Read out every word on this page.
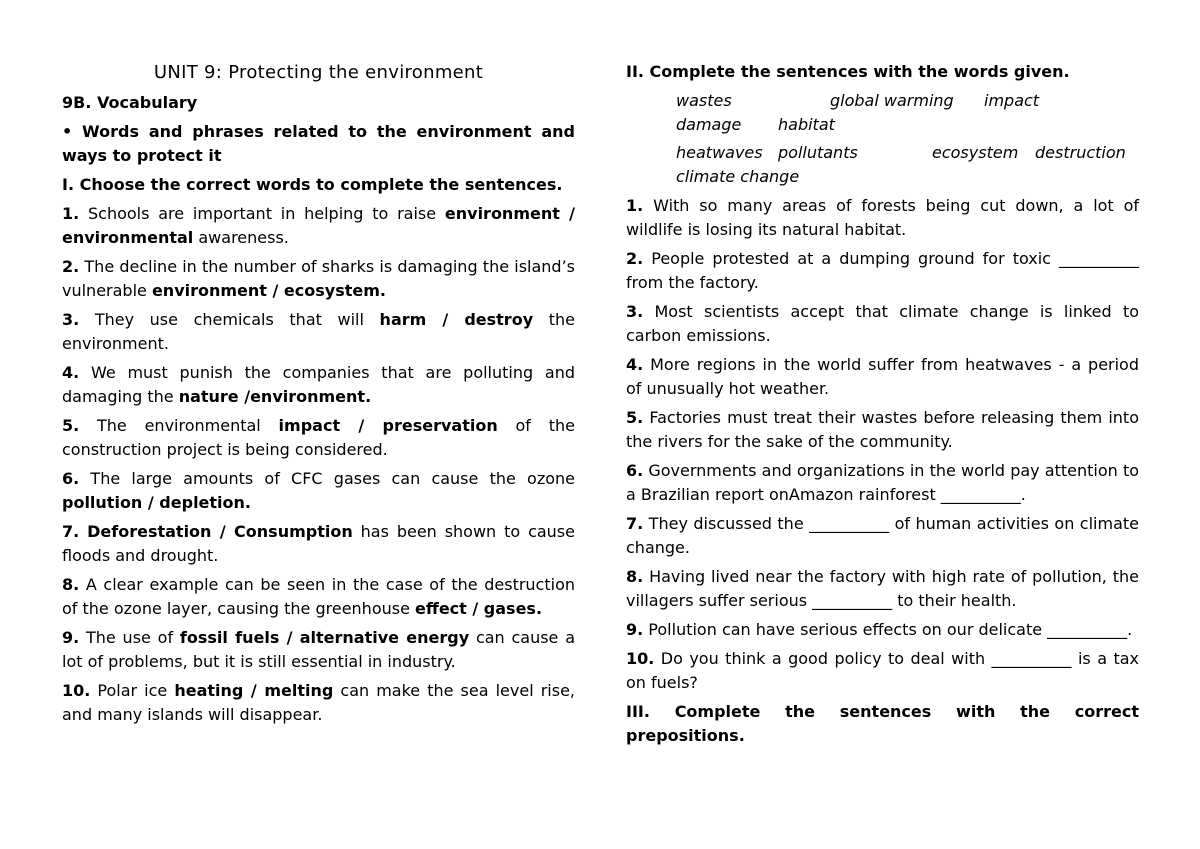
UNIT 9: Protecting the environment

9B. Vocabulary

• Words and phrases related to the environment and ways to protect it

I. Choose the correct words to complete the sentences.

1. Schools are important in helping to raise environment / environmental awareness.

2. The decline in the number of sharks is damaging the island’s vulnerable environment / ecosystem.

3. They use chemicals that will harm / destroy the environment.

4. We must punish the companies that are polluting and damaging the nature /environment.

5. The environmental impact / preservation of the construction project is being considered.

6. The large amounts of CFC gases can cause the ozone pollution / depletion.

7. Deforestation / Consumption has been shown to cause floods and drought.

8. A clear example can be seen in the case of the destruction of the ozone layer, causing the greenhouse effect / gases.

9. The use of fossil fuels / alternative energy can cause a lot of problems, but it is still essential in industry.

10. Polar ice heating / melting can make the sea level rise, and many islands will disappear.

II. Complete the sentences with the words given.

wastes	global warming impact
damage habitat
heatwaves pollutants	ecosystem destruction
climate change

1. With so many areas of forests being cut down, a lot of wildlife is losing its natural habitat.

2. People protested at a dumping ground for toxic __________ from the factory.

3. Most scientists accept that climate change is linked to carbon emissions.

4. More regions in the world suffer from heatwaves - a period of unusually hot weather.

5. Factories must treat their wastes before releasing them into the rivers for the sake of the community.

6. Governments and organizations in the world pay attention to a Brazilian report onAmazon rainforest __________.

7. They discussed the __________ of human activities on climate change.

8. Having lived near the factory with high rate of pollution, the villagers suffer serious __________ to their health.

9. Pollution can have serious effects on our delicate __________.

10. Do you think a good policy to deal with __________ is a tax on fuels?

III. Complete the sentences with the correct prepositions.
